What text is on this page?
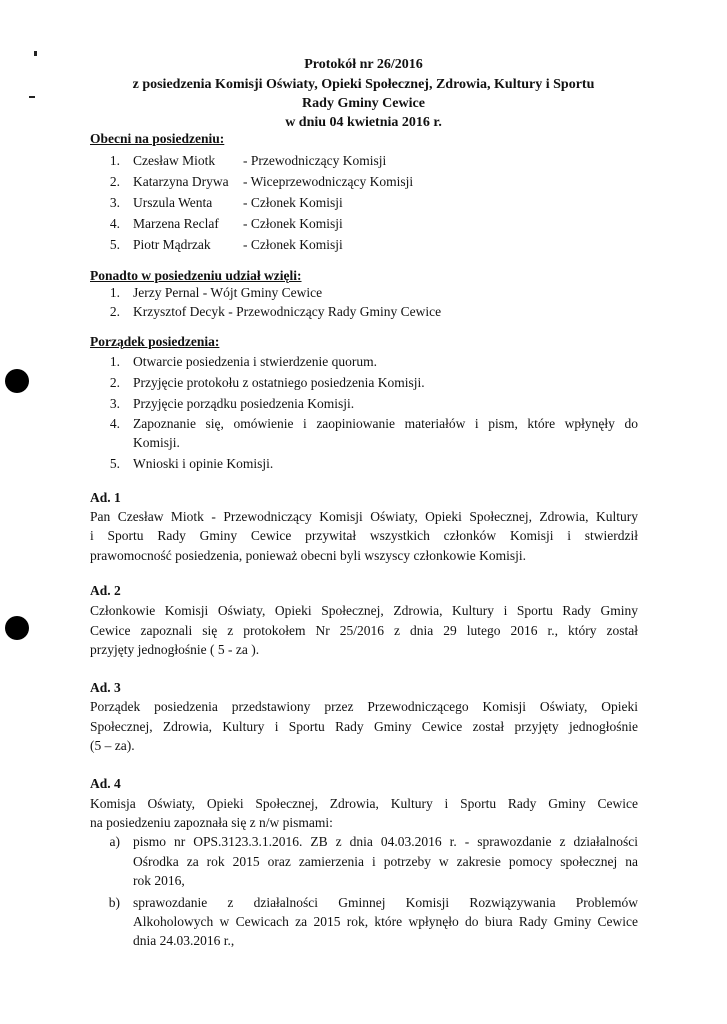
Protokół nr 26/2016
z posiedzenia Komisji Oświaty, Opieki Społecznej, Zdrowia, Kultury i Sportu
Rady Gminy Cewice
w dniu 04 kwietnia 2016 r.
Obecni na posiedzeniu:
1. Czesław Miotk - Przewodniczący Komisji
2. Katarzyna Drywa - Wiceprzewodniczący Komisji
3. Urszula Wenta - Członek Komisji
4. Marzena Reclaf - Członek Komisji
5. Piotr Mądrzak - Członek Komisji
Ponadto w posiedzeniu udział wzięli:
1. Jerzy Pernal - Wójt Gminy Cewice
2. Krzysztof Decyk - Przewodniczący Rady Gminy Cewice
Porządek posiedzenia:
1. Otwarcie posiedzenia i stwierdzenie quorum.
2. Przyjęcie protokołu z ostatniego posiedzenia Komisji.
3. Przyjęcie porządku posiedzenia Komisji.
4. Zapoznanie się, omówienie i zaopiniowanie materiałów i pism, które wpłynęły do
Komisji.
5. Wnioski i opinie Komisji.
Ad. 1
Pan Czesław Miotk - Przewodniczący Komisji Oświaty, Opieki Społecznej, Zdrowia, Kultury
i Sportu Rady Gminy Cewice przywitał wszystkich członków Komisji i stwierdził
prawomocność posiedzenia, ponieważ obecni byli wszyscy członkowie Komisji.
Ad. 2
Członkowie Komisji Oświaty, Opieki Społecznej, Zdrowia, Kultury i Sportu Rady Gminy
Cewice zapoznali się z protokołem Nr 25/2016 z dnia 29 lutego 2016 r., który został
przyjęty jednogłośnie ( 5 - za ).
Ad. 3
Porządek posiedzenia przedstawiony przez Przewodniczącego Komisji Oświaty, Opieki
Społecznej, Zdrowia, Kultury i Sportu Rady Gminy Cewice został przyjęty jednogłośnie
(5 – za).
Ad. 4
Komisja Oświaty, Opieki Społecznej, Zdrowia, Kultury i Sportu Rady Gminy Cewice
na posiedzeniu zapoznała się z n/w pismami:
a) pismo nr OPS.3123.3.1.2016. ZB z dnia 04.03.2016 r. - sprawozdanie z działalności
Ośrodka za rok 2015 oraz zamierzenia i potrzeby w zakresie pomocy społecznej na
rok 2016,
b) sprawozdanie z działalności Gminnej Komisji Rozwiązywania Problemów
Alkoholowych w Cewicach za 2015 rok, które wpłynęło do biura Rady Gminy Cewice
dnia 24.03.2016 r.,
